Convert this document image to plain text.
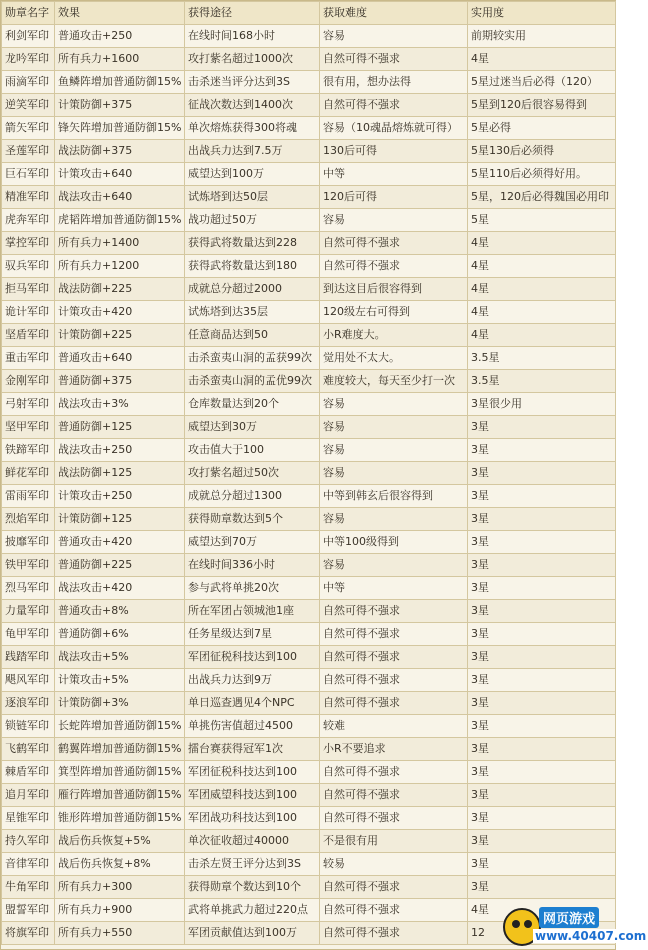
勋章名字	效果	获得途径	获取难度	实用度
利剑军印	普通攻击+250	在线时间168小时	容易	前期较实用
龙吟军印	所有兵力+1600	攻打紫名超过1000次	自然可得不强求	4星
雨滴军印	鱼鳞阵增加普通防御15%	击杀迷当评分达到3S	很有用，想办法得	5星过迷当后必得（120）
逆笑军印	计策防御+375	征战次数达到1400次	自然可得不强求	5星到120后很容易得到
箭矢军印	锋矢阵增加普通防御15%	单次熔炼获得300将魂	容易（10魂晶熔炼就可得）	5星必得
圣莲军印	战法防御+375	出战兵力达到7.5万	130后可得	5星130后必须得
巨石军印	计策攻击+640	威望达到100万	中等	5星110后必须得好用。
精准军印	战法攻击+640	试炼塔到达50层	120后可得	5星，120后必得魏国必用印
虎奔军印	虎韬阵增加普通防御15%	战功超过50万	容易	5星
掌控军印	所有兵力+1400	获得武将数量达到228	自然可得不强求	4星
驭兵军印	所有兵力+1200	获得武将数量达到180	自然可得不强求	4星
拒马军印	战法防御+225	成就总分超过2000	到达这目后很容得到	4星
诡计军印	计策攻击+420	试炼塔到达35层	120级左右可得到	4星
坚盾军印	计策防御+225	任意商品达到50	小R难度大。	4星
重击军印	普通攻击+640	击杀蛮夷山洞的孟获99次	觉用处不太大。	3.5星
金刚军印	普通防御+375	击杀蛮夷山洞的孟优99次	难度较大，每天至少打一次	3.5星
弓射军印	战法攻击+3%	仓库数量达到20个	容易	3星很少用
坚甲军印	普通防御+125	威望达到30万	容易	3星
铁蹄军印	战法攻击+250	攻击值大于100	容易	3星
鲜花军印	战法防御+125	攻打紫名超过50次	容易	3星
雷雨军印	计策攻击+250	成就总分超过1300	中等到韩玄后很容得到	3星
烈焰军印	计策防御+125	获得勋章数达到5个	容易	3星
披靡军印	普通攻击+420	威望达到70万	中等100级得到	3星
铁甲军印	普通防御+225	在线时间336小时	容易	3星
烈马军印	战法攻击+420	参与武将单挑20次	中等	3星
力量军印	普通攻击+8%	所在军团占领城池1座	自然可得不强求	3星
龟甲军印	普通防御+6%	任务星级达到7星	自然可得不强求	3星
践踏军印	战法攻击+5%	军团征税科技达到100	自然可得不强求	3星
飓风军印	计策攻击+5%	出战兵力达到9万	自然可得不强求	3星
逐浪军印	计策防御+3%	单日巡查遇见4个NPC	自然可得不强求	3星
锁链军印	长蛇阵增加普通防御15%	单挑伤害值超过4500	较难	3星
飞鹤军印	鹤翼阵增加普通防御15%	擂台赛获得冠军1次	小R不要追求	3星
棘盾军印	箕型阵增加普通防御15%	军团征税科技达到100	自然可得不强求	3星
追月军印	雁行阵增加普通防御15%	军团威望科技达到100	自然可得不强求	3星
星锥军印	锥形阵增加普通防御15%	军团战功科技达到100	自然可得不强求	3星
持久军印	战后伤兵恢复+5%	单次征收超过40000	不是很有用	3星
音律军印	战后伤兵恢复+8%	击杀左贤王评分达到3S	较易	3星
牛角军印	所有兵力+300	获得勋章个数达到10个	自然可得不强求	3星
盟誓军印	所有兵力+900	武将单挑武力超过220点	自然可得不强求	4星
将旗军印	所有兵力+550	军团贡献值达到100万	自然可得不强求	12
网页游戏
www.40407.com
